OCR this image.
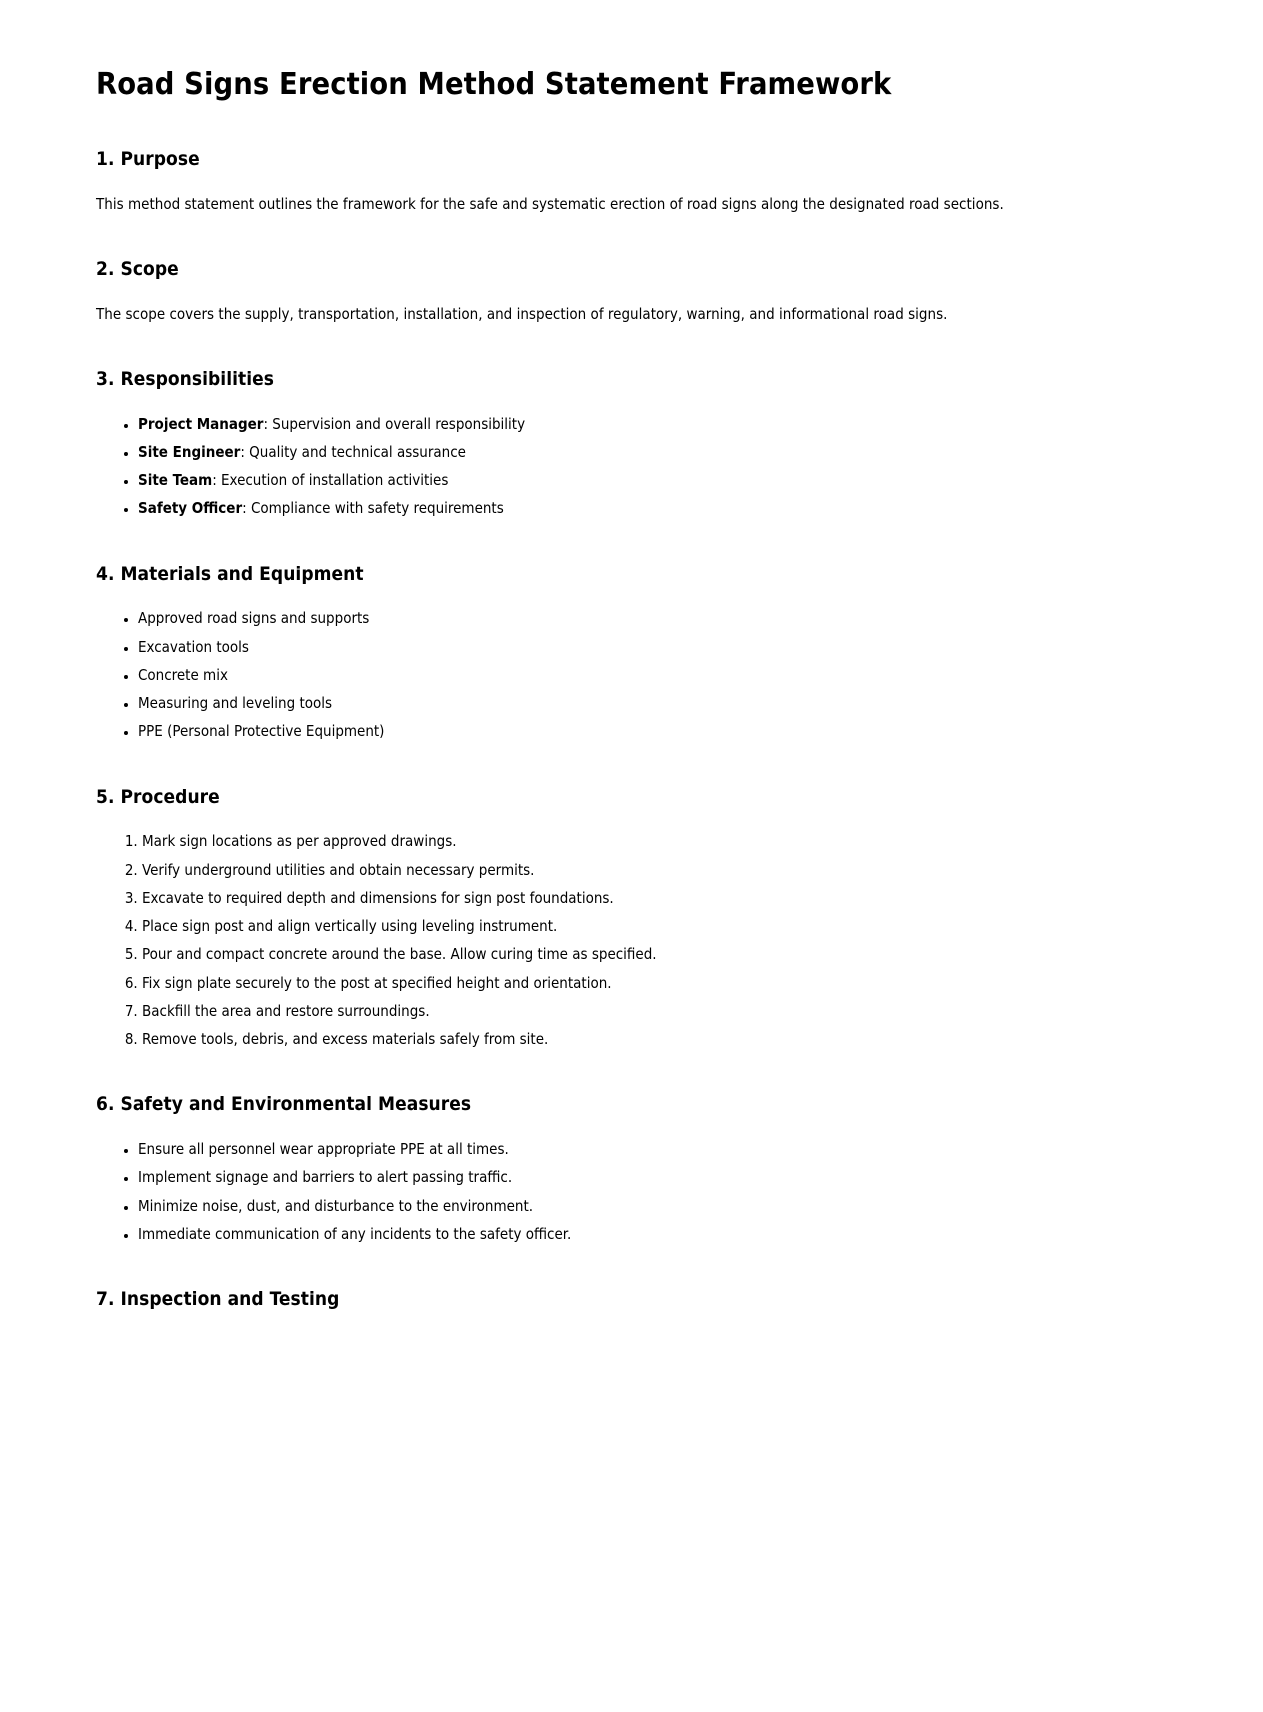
Road Signs Erection Method Statement Framework
1. Purpose

This method statement outlines the framework for the safe and systematic erection of road signs along the designated road sections.

2. Scope

The scope covers the supply, transportation, installation, and inspection of regulatory, warning, and informational road signs.

3. Responsibilities
• Project Manager: Supervision and overall responsibility
• Site Engineer: Quality and technical assurance
• Site Team: Execution of installation activities
• Safety Officer: Compliance with safety requirements
4. Materials and Equipment
• Approved road signs and supports
• Excavation tools
• Concrete mix
• Measuring and leveling tools
• PPE (Personal Protective Equipment)
5. Procedure
1. Mark sign locations as per approved drawings.
2. Verify underground utilities and obtain necessary permits.
3. Excavate to required depth and dimensions for sign post foundations.
4. Place sign post and align vertically using leveling instrument.
5. Pour and compact concrete around the base. Allow curing time as specified.
6. Fix sign plate securely to the post at specified height and orientation.
7. Backfill the area and restore surroundings.
8. Remove tools, debris, and excess materials safely from site.
6. Safety and Environmental Measures
• Ensure all personnel wear appropriate PPE at all times.
• Implement signage and barriers to alert passing traffic.
• Minimize noise, dust, and disturbance to the environment.
• Immediate communication of any incidents to the safety officer.
7. Inspection and Testing
